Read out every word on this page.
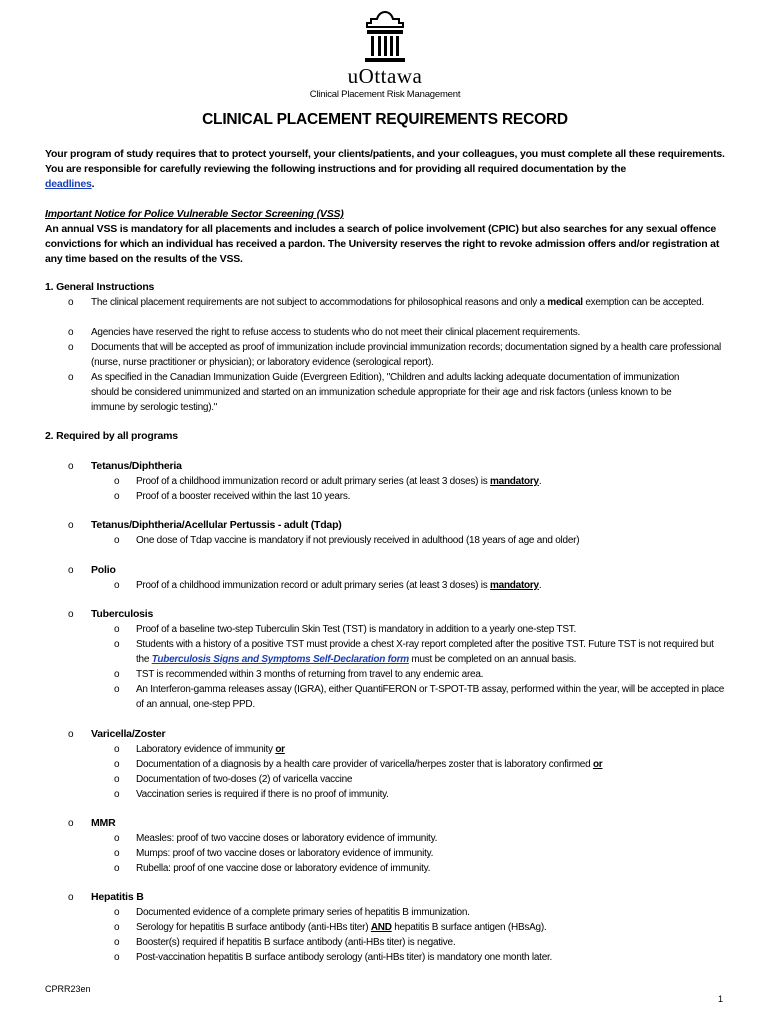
uOttawa
Clinical Placement Risk Management
CLINICAL PLACEMENT REQUIREMENTS RECORD
Your program of study requires that to protect yourself, your clients/patients, and your colleagues, you must complete all these requirements. You are responsible for carefully reviewing the following instructions and for providing all required documentation by the
deadlines.
Important Notice for Police Vulnerable Sector Screening (VSS)
An annual VSS is mandatory for all placements and includes a search of police involvement (CPIC) but also searches for any sexual offence convictions for which an individual has received a pardon. The University reserves the right to revoke admission offers and/or registration at any time based on the results of the VSS.
1. General Instructions
o The clinical placement requirements are not subject to accommodations for philosophical reasons and only a medical exemption can be accepted.
o Agencies have reserved the right to refuse access to students who do not meet their clinical placement requirements.
o Documents that will be accepted as proof of immunization include provincial immunization records; documentation signed by a health care professional (nurse, nurse practitioner or physician); or laboratory evidence (serological report).
o As specified in the Canadian Immunization Guide (Evergreen Edition), "Children and adults lacking adequate documentation of immunization should be considered unimmunized and started on an immunization schedule appropriate for their age and risk factors (unless known to be immune by serologic testing)."
2. Required by all programs
o Tetanus/Diphtheria
o Proof of a childhood immunization record or adult primary series (at least 3 doses) is mandatory.
o Proof of a booster received within the last 10 years.
o Tetanus/Diphtheria/Acellular Pertussis - adult (Tdap)
o One dose of Tdap vaccine is mandatory if not previously received in adulthood (18 years of age and older)
o Polio
o Proof of a childhood immunization record or adult primary series (at least 3 doses) is mandatory.
o Tuberculosis
o Proof of a baseline two-step Tuberculin Skin Test (TST) is mandatory in addition to a yearly one-step TST.
o Students with a history of a positive TST must provide a chest X-ray report completed after the positive TST. Future TST is not required but the Tuberculosis Signs and Symptoms Self-Declaration form must be completed on an annual basis.
o TST is recommended within 3 months of returning from travel to any endemic area.
o An Interferon-gamma releases assay (IGRA), either QuantiFERON or T-SPOT-TB assay, performed within the year, will be accepted in place of an annual, one-step PPD.
o Varicella/Zoster
o Laboratory evidence of immunity or
o Documentation of a diagnosis by a health care provider of varicella/herpes zoster that is laboratory confirmed or
o Documentation of two-doses (2) of varicella vaccine
o Vaccination series is required if there is no proof of immunity.
o MMR
o Measles: proof of two vaccine doses or laboratory evidence of immunity.
o Mumps: proof of two vaccine doses or laboratory evidence of immunity.
o Rubella: proof of one vaccine dose or laboratory evidence of immunity.
o Hepatitis B
o Documented evidence of a complete primary series of hepatitis B immunization.
o Serology for hepatitis B surface antibody (anti-HBs titer) AND hepatitis B surface antigen (HBsAg).
o Booster(s) required if hepatitis B surface antibody (anti-HBs titer) is negative.
o Post-vaccination hepatitis B surface antibody serology (anti-HBs titer) is mandatory one month later.
CPRR23en
1
